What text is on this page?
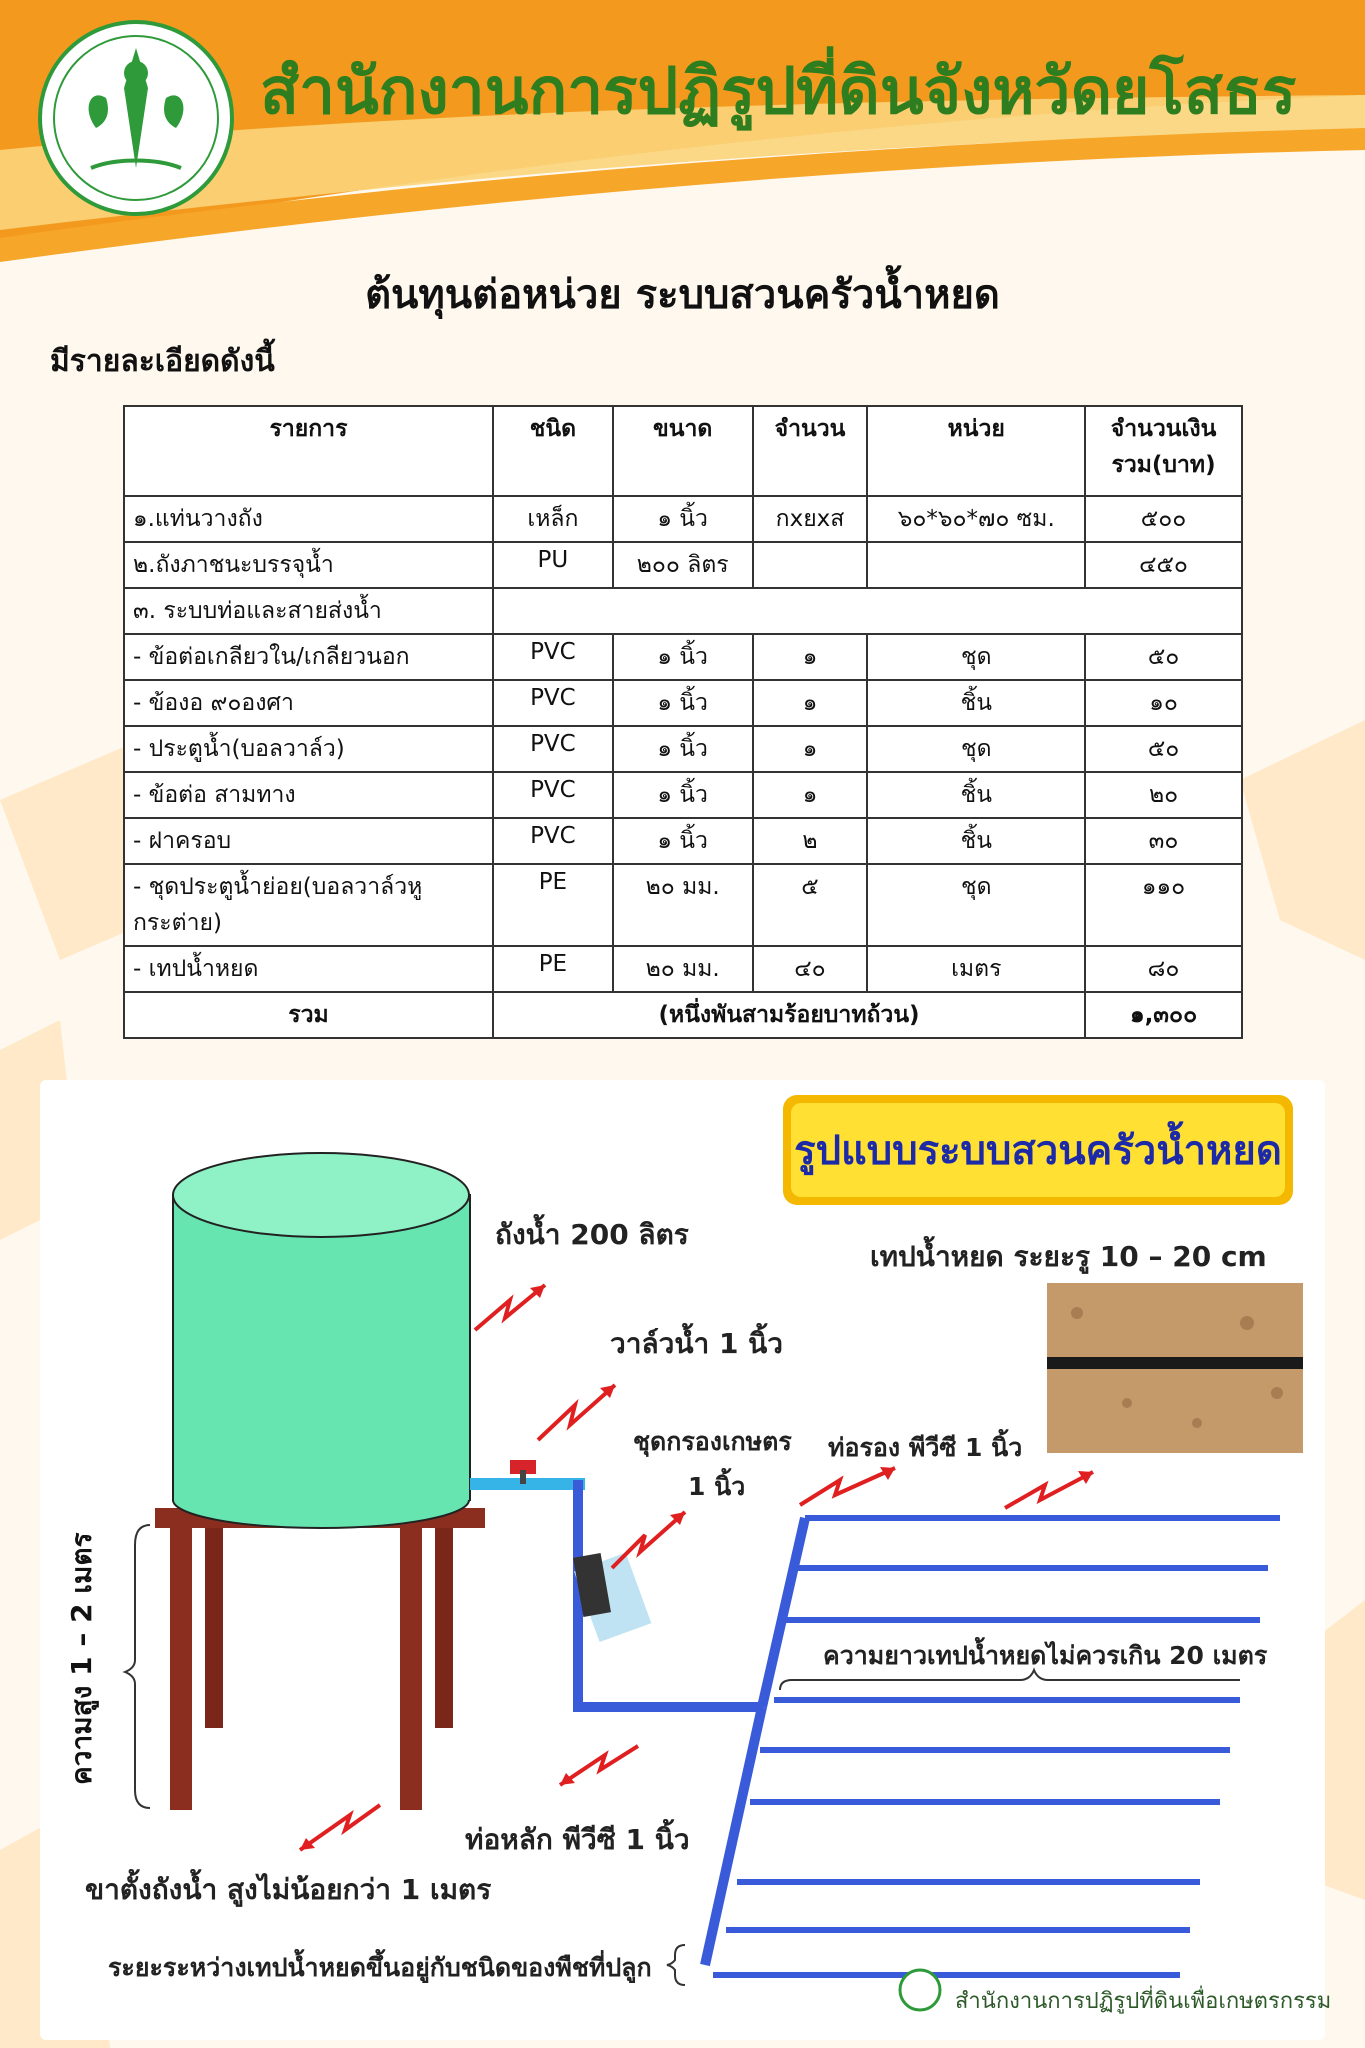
สำนักงานการปฏิรูปที่ดินจังหวัดยโสธร
ต้นทุนต่อหน่วย ระบบสวนครัวน้ำหยด
มีรายละเอียดดังนี้
รายการ	ชนิด	ขนาด	จำนวน	หน่วย	จำนวนเงิน
รวม(บาท)
๑.แท่นวางถัง	เหล็ก	๑ นิ้ว	กxยxส	๖๐*๖๐*๗๐ ซม.	๕๐๐
๒.ถังภาชนะบรรจุน้ำ	PU	๒๐๐ ลิตร			๔๕๐
๓. ระบบท่อและสายส่งน้ำ					
- ข้อต่อเกลียวใน/เกลียวนอก	PVC	๑ นิ้ว	๑	ชุด	๕๐
- ข้องอ ๙๐องศา	PVC	๑ นิ้ว	๑	ชิ้น	๑๐
- ประตูน้ำ(บอลวาล์ว)	PVC	๑ นิ้ว	๑	ชุด	๕๐
- ข้อต่อ สามทาง	PVC	๑ นิ้ว	๑	ชิ้น	๒๐
- ฝาครอบ	PVC	๑ นิ้ว	๒	ชิ้น	๓๐
- ชุดประตูน้ำย่อย(บอลวาล์วหู
กระต่าย)	PE	๒๐ มม.	๕	ชุด	๑๑๐
- เทปน้ำหยด	PE	๒๐ มม.	๔๐	เมตร	๘๐
รวม	(หนึ่งพันสามร้อยบาทถ้วน)				๑,๓๐๐
รูปแบบระบบสวนครัวน้ำหยด
ถังน้ำ 200 ลิตร
วาล์วน้ำ 1 นิ้ว
ชุดกรองเกษตร
1 นิ้ว
เทปน้ำหยด ระยะรู 10 – 20 cm
ท่อรอง พีวีซี 1 นิ้ว
ความยาวเทปน้ำหยดไม่ควรเกิน 20 เมตร
ท่อหลัก พีวีซี 1 นิ้ว
ขาตั้งถังน้ำ สูงไม่น้อยกว่า 1 เมตร
ความสูง 1 – 2 เมตร
ระยะระหว่างเทปน้ำหยดขึ้นอยู่กับชนิดของพืชที่ปลูก
สำนักงานการปฏิรูปที่ดินเพื่อเกษตรกรรม
